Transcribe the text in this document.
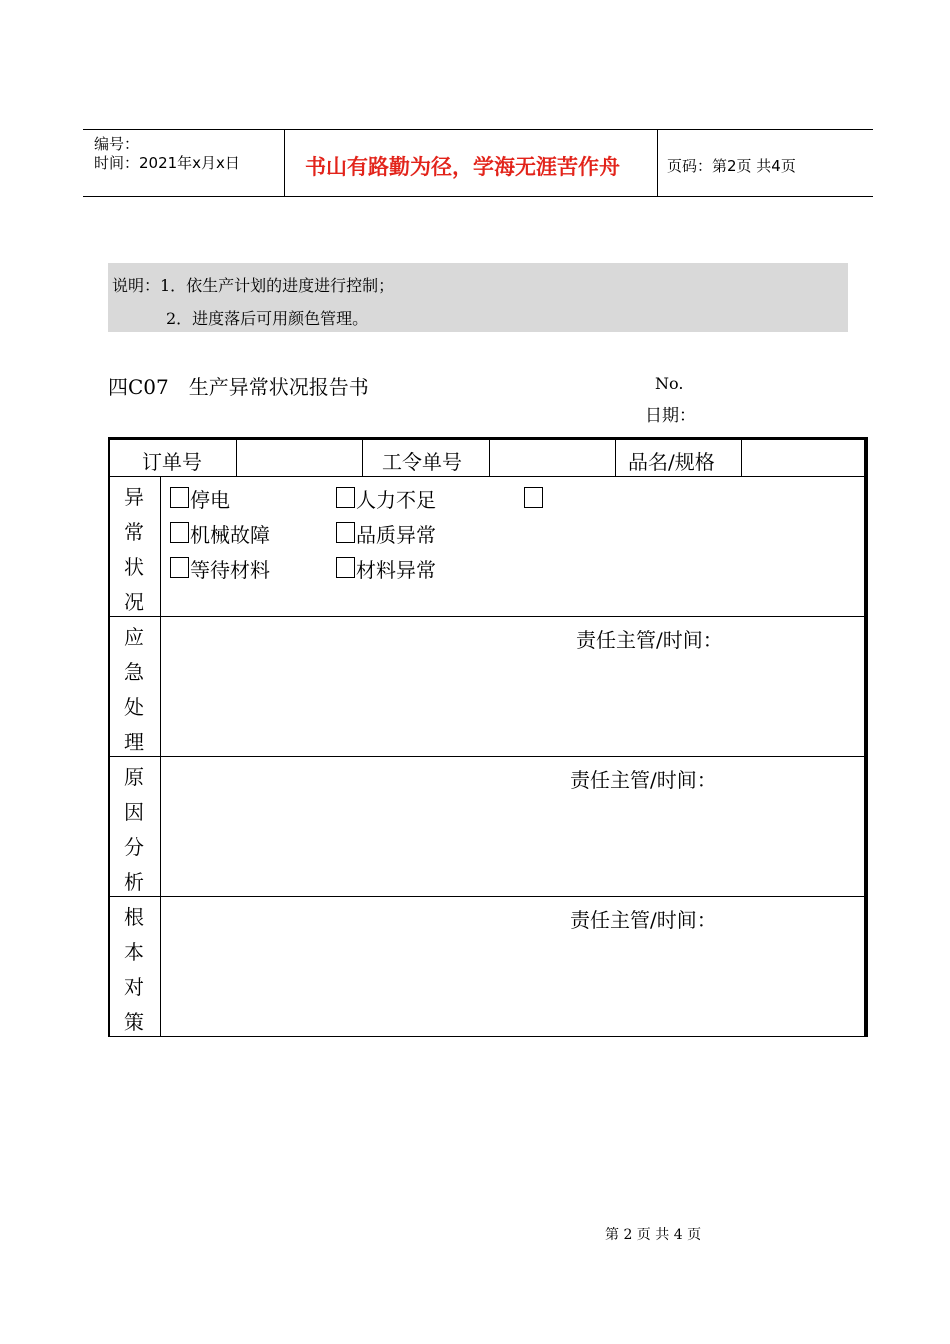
编号：
时间：2021年x月x日	书山有路勤为径，学海无涯苦作舟	页码：第2页 共4页
说明：1．依生产计划的进度进行控制；
2．进度落后可用颜色管理。
四C07　生产异常状况报告书	No.
日期：
订单号	工令单号	品名/规格
异
常
状
况
停电	人力不足
机械故障	品质异常
等待材料	材料异常
应
急
处
理
责任主管/时间：
原
因
分
析
责任主管/时间：
根
本
对
策
责任主管/时间：
第 2 页 共 4 页
